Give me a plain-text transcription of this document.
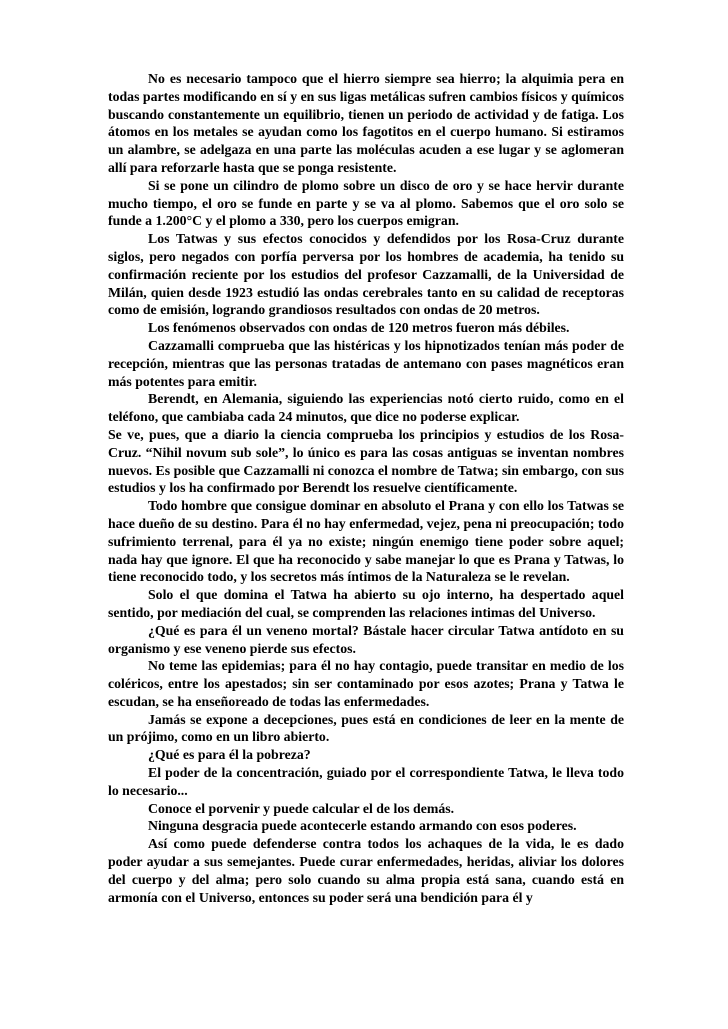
No es necesario tampoco que el hierro siempre sea hierro; la alquimia pera en todas partes modificando en sí y en sus ligas metálicas sufren cambios físicos y químicos buscando constantemente un equilibrio, tienen un periodo de actividad y de fatiga. Los átomos en los metales se ayudan como los fagotitos en el cuerpo humano. Si estiramos un alambre, se adelgaza en una parte las moléculas acuden a ese lugar y se aglomeran allí para reforzarle hasta que se ponga resistente.

Si se pone un cilindro de plomo sobre un disco de oro y se hace hervir durante mucho tiempo, el oro se funde en parte y se va al plomo. Sabemos que el oro solo se funde a 1.200°C y el plomo a 330, pero los cuerpos emigran.

Los Tatwas y sus efectos conocidos y defendidos por los Rosa-Cruz durante siglos, pero negados con porfía perversa por los hombres de academia, ha tenido su confirmación reciente por los estudios del profesor Cazzamalli, de la Universidad de Milán, quien desde 1923 estudió las ondas cerebrales tanto en su calidad de receptoras como de emisión, logrando grandiosos resultados con ondas de 20 metros.

Los fenómenos observados con ondas de 120 metros fueron más débiles.

Cazzamalli comprueba que las histéricas y los hipnotizados tenían más poder de recepción, mientras que las personas tratadas de antemano con pases magnéticos eran más potentes para emitir.

Berendt, en Alemania, siguiendo las experiencias notó cierto ruido, como en el teléfono, que cambiaba cada 24 minutos, que dice no poderse explicar.

Se ve, pues, que a diario la ciencia comprueba los principios y estudios de los Rosa-Cruz. “Nihil novum sub sole”, lo único es para las cosas antiguas se inventan nombres nuevos. Es posible que Cazzamalli ni conozca el nombre de Tatwa; sin embargo, con sus estudios y los ha confirmado por Berendt los resuelve científicamente.

Todo hombre que consigue dominar en absoluto el Prana y con ello los Tatwas se hace dueño de su destino. Para él no hay enfermedad, vejez, pena ni preocupación; todo sufrimiento terrenal, para él ya no existe; ningún enemigo tiene poder sobre aquel; nada hay que ignore. El que ha reconocido y sabe manejar lo que es Prana y Tatwas, lo tiene reconocido todo, y los secretos más íntimos de la Naturaleza se le revelan.

Solo el que domina el Tatwa ha abierto su ojo interno, ha despertado aquel sentido, por mediación del cual, se comprenden las relaciones intimas del Universo.

¿Qué es para él un veneno mortal? Bástale hacer circular Tatwa antídoto en su organismo y ese veneno pierde sus efectos.

No teme las epidemias; para él no hay contagio, puede transitar en medio de los coléricos, entre los apestados; sin ser contaminado por esos azotes; Prana y Tatwa le escudan, se ha enseñoreado de todas las enfermedades.

Jamás se expone a decepciones, pues está en condiciones de leer en la mente de un prójimo, como en un libro abierto.

¿Qué es para él la pobreza?

El poder de la concentración, guiado por el correspondiente Tatwa, le lleva todo lo necesario...

Conoce el porvenir y puede calcular el de los demás.

Ninguna desgracia puede acontecerle estando armando con esos poderes.

Así como puede defenderse contra todos los achaques de la vida, le es dado poder ayudar a sus semejantes. Puede curar enfermedades, heridas, aliviar los dolores del cuerpo y del alma; pero solo cuando su alma propia está sana, cuando está en armonía con el Universo, entonces su poder será una bendición para él y
